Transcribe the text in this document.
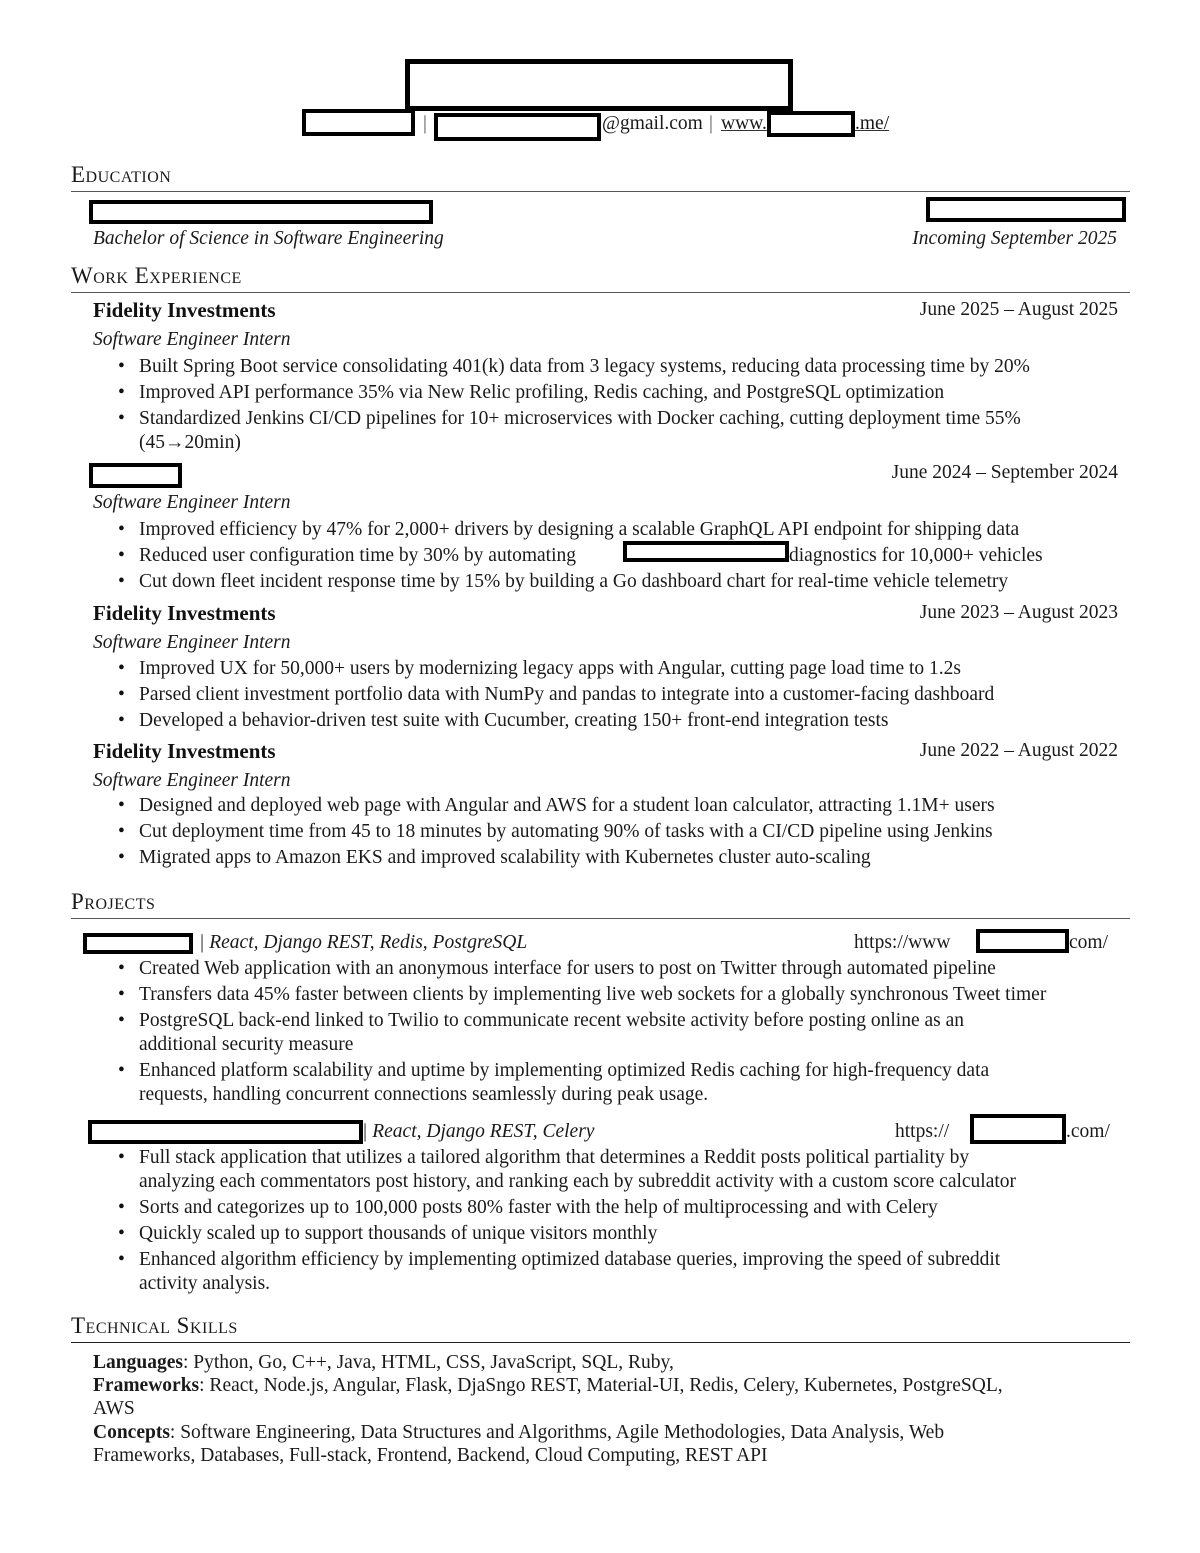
|	@gmail.com | www.	.me/
Education
Bachelor of Science in Software Engineering	Incoming September 2025
Work Experience
Fidelity Investments	June 2025 – August 2025
Software Engineer Intern
• Built Spring Boot service consolidating 401(k) data from 3 legacy systems, reducing data processing time by 20%
• Improved API performance 35% via New Relic profiling, Redis caching, and PostgreSQL optimization
• Standardized Jenkins CI/CD pipelines for 10+ microservices with Docker caching, cutting deployment time 55%
(45→20min)
June 2024 – September 2024
Software Engineer Intern
• Improved efficiency by 47% for 2,000+ drivers by designing a scalable GraphQL API endpoint for shipping data
• Reduced user configuration time by 30% by automating	diagnostics for 10,000+ vehicles
• Cut down fleet incident response time by 15% by building a Go dashboard chart for real-time vehicle telemetry
Fidelity Investments	June 2023 – August 2023
Software Engineer Intern
• Improved UX for 50,000+ users by modernizing legacy apps with Angular, cutting page load time to 1.2s
• Parsed client investment portfolio data with NumPy and pandas to integrate into a customer-facing dashboard
• Developed a behavior-driven test suite with Cucumber, creating 150+ front-end integration tests
Fidelity Investments	June 2022 – August 2022
Software Engineer Intern
• Designed and deployed web page with Angular and AWS for a student loan calculator, attracting 1.1M+ users
• Cut deployment time from 45 to 18 minutes by automating 90% of tasks with a CI/CD pipeline using Jenkins
• Migrated apps to Amazon EKS and improved scalability with Kubernetes cluster auto-scaling
Projects
| React, Django REST, Redis, PostgreSQL	https://www	com/
• Created Web application with an anonymous interface for users to post on Twitter through automated pipeline
• Transfers data 45% faster between clients by implementing live web sockets for a globally synchronous Tweet timer
• PostgreSQL back-end linked to Twilio to communicate recent website activity before posting online as an
additional security measure
• Enhanced platform scalability and uptime by implementing optimized Redis caching for high-frequency data
requests, handling concurrent connections seamlessly during peak usage.
| React, Django REST, Celery	https://	.com/
• Full stack application that utilizes a tailored algorithm that determines a Reddit posts political partiality by
analyzing each commentators post history, and ranking each by subreddit activity with a custom score calculator
• Sorts and categorizes up to 100,000 posts 80% faster with the help of multiprocessing and with Celery
• Quickly scaled up to support thousands of unique visitors monthly
• Enhanced algorithm efficiency by implementing optimized database queries, improving the speed of subreddit
activity analysis.
Technical Skills
Languages: Python, Go, C++, Java, HTML, CSS, JavaScript, SQL, Ruby,
Frameworks: React, Node.js, Angular, Flask, DjaSngo REST, Material-UI, Redis, Celery, Kubernetes, PostgreSQL,
AWS
Concepts: Software Engineering, Data Structures and Algorithms, Agile Methodologies, Data Analysis, Web
Frameworks, Databases, Full-stack, Frontend, Backend, Cloud Computing, REST API
